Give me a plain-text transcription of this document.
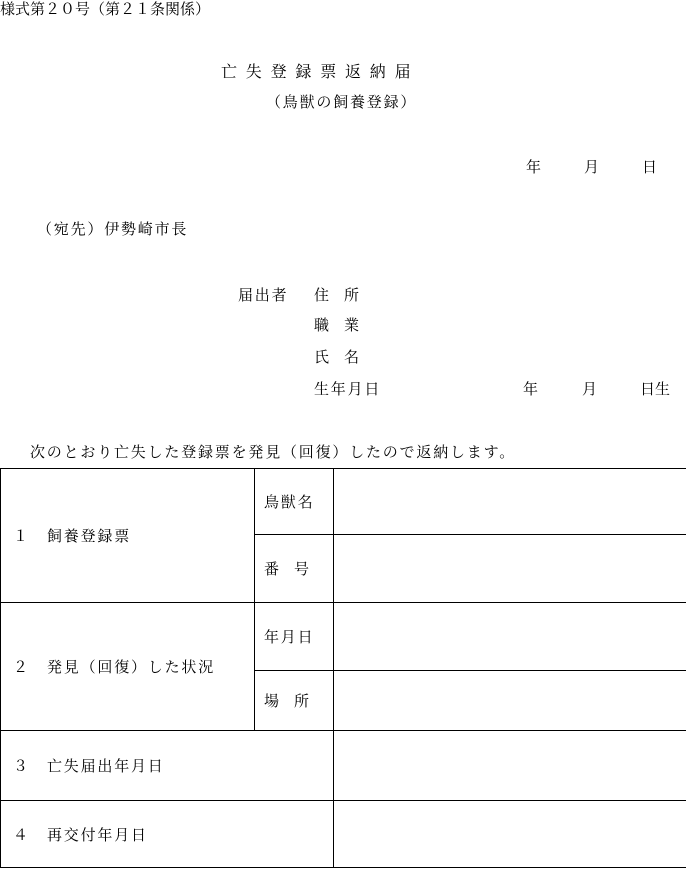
様式第２０号（第２１条関係）
亡失登録票返納届
（鳥獣の飼養登録）
年	月	日
（宛先）伊勢崎市長
届出者 住　所
職　業
氏　名
生年月日	年	月	日生
次のとおり亡失した登録票を発見（回復）したので返納します。
１ 飼養登録票	鳥獣名	
	番　号	
２ 発見（回復）した状況	年月日	
	場　所	
３ 亡失届出年月日		
４ 再交付年月日		
